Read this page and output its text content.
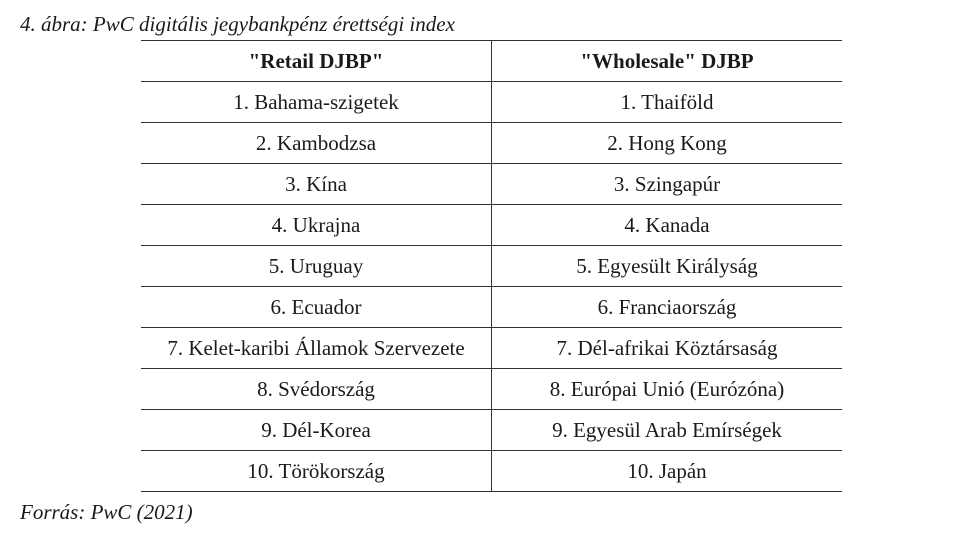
4. ábra: PwC digitális jegybankpénz érettségi index
"Retail DJBP"	"Wholesale" DJBP
1. Bahama-szigetek	1. Thaiföld
2. Kambodzsa	2. Hong Kong
3. Kína	3. Szingapúr
4. Ukrajna	4. Kanada
5. Uruguay	5. Egyesült Királyság
6. Ecuador	6. Franciaország
7. Kelet-karibi Államok Szervezete	7. Dél-afrikai Köztársaság
8. Svédország	8. Európai Unió (Eurózóna)
9. Dél-Korea	9. Egyesül Arab Emírségek
10. Törökország	10. Japán
Forrás: PwC (2021)
